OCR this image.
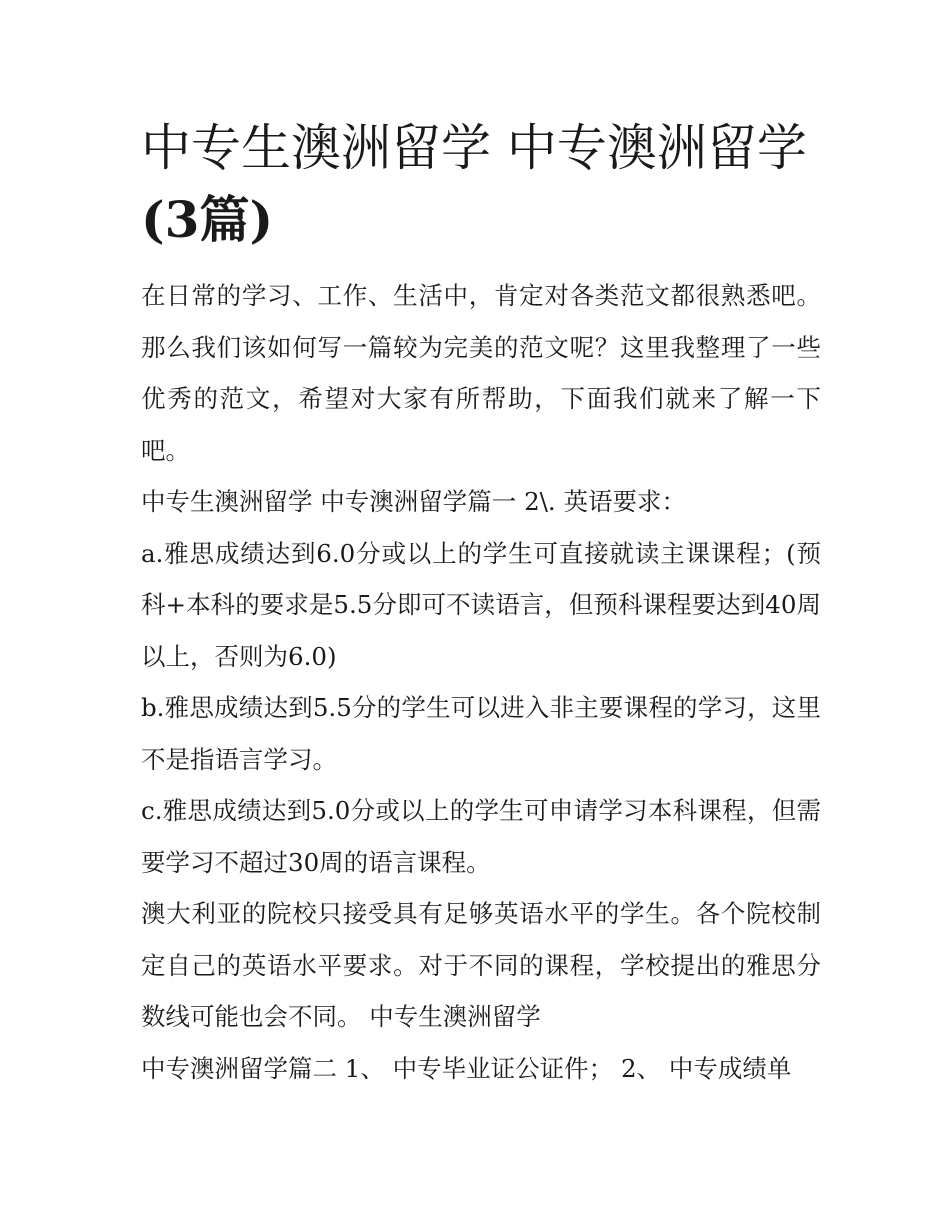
中专生澳洲留学 中专澳洲留学
(3篇)

在日常的学习、工作、生活中，肯定对各类范文都很熟悉吧。那么我们该如何写一篇较为完美的范文呢？这里我整理了一些优秀的范文，希望对大家有所帮助，下面我们就来了解一下吧。

中专生澳洲留学 中专澳洲留学篇一 2\. 英语要求：

a.雅思成绩达到6.0分或以上的学生可直接就读主课课程；(预科+本科的要求是5.5分即可不读语言，但预科课程要达到40周以上，否则为6.0)

b.雅思成绩达到5.5分的学生可以进入非主要课程的学习，这里不是指语言学习。

c.雅思成绩达到5.0分或以上的学生可申请学习本科课程，但需要学习不超过30周的语言课程。

澳大利亚的院校只接受具有足够英语水平的学生。各个院校制定自己的英语水平要求。对于不同的课程，学校提出的雅思分数线可能也会不同。 中专生澳洲留学

中专澳洲留学篇二 1、 中专毕业证公证件； 2、 中专成绩单
